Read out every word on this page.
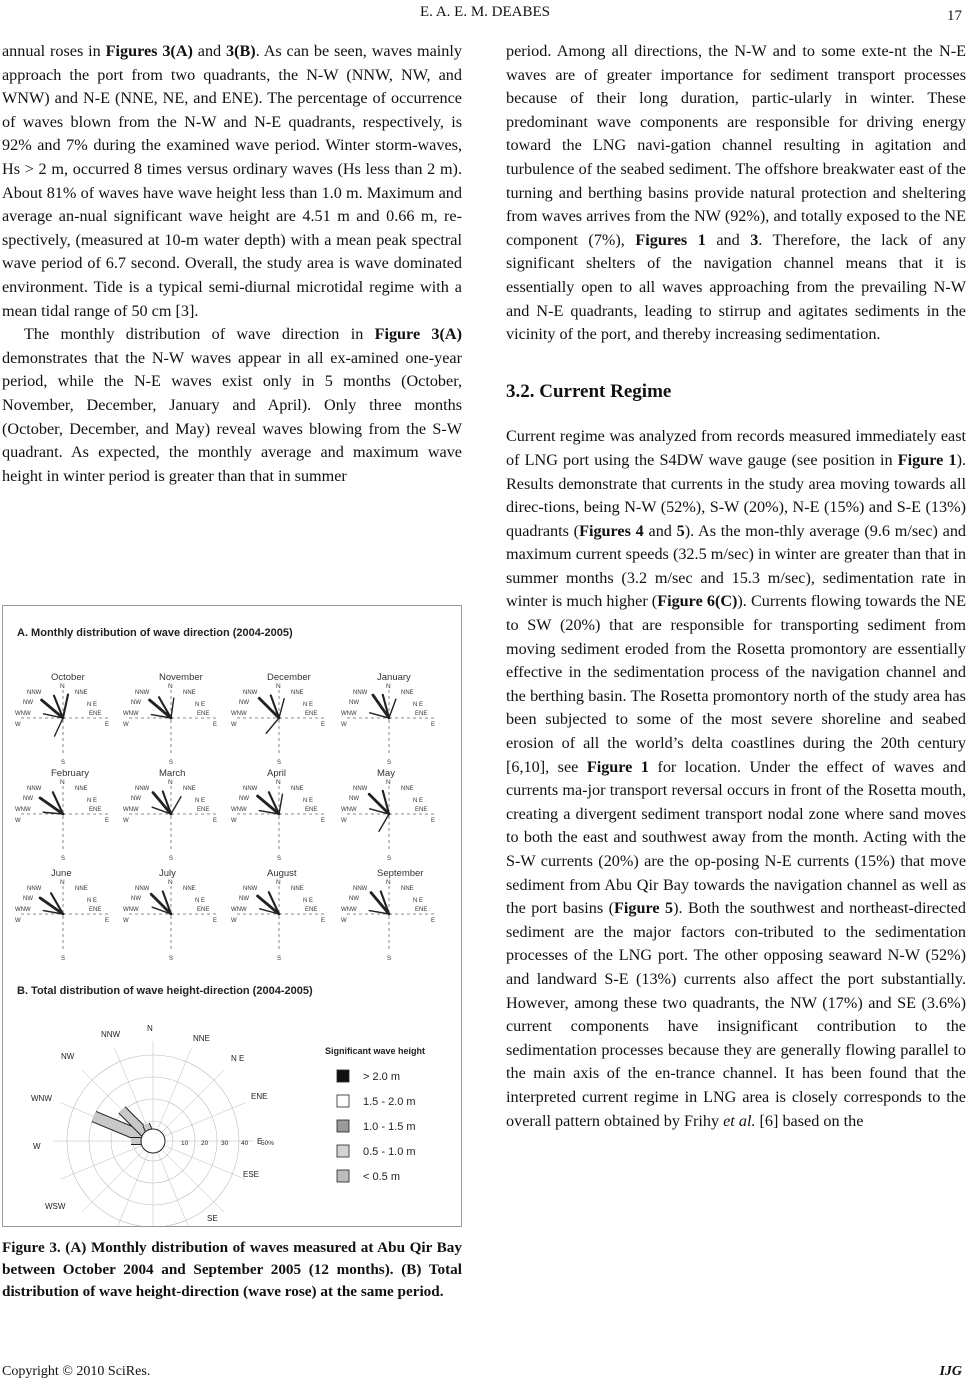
E. A. E. M. DEABES	17

annual roses in Figures 3(A) and 3(B). As can be seen, waves mainly approach the port from two quadrants, the N-W (NNW, NW, and WNW) and N-E (NNE, NE, and ENE). The percentage of occurrence of waves blown from the N-W and N-E quadrants, respectively, is 92% and 7% during the examined wave period. Winter storm-waves, Hs > 2 m, occurred 8 times versus ordinary waves (Hs less than 2 m). About 81% of waves have wave height less than 1.0 m. Maximum and average an-nual significant wave height are 4.51 m and 0.66 m, re-spectively, (measured at 10-m water depth) with a mean peak spectral wave period of 6.7 second. Overall, the study area is wave dominated environment. Tide is a typical semi-diurnal microtidal regime with a mean tidal range of 50 cm [3].

The monthly distribution of wave direction in Figure 3(A) demonstrates that the N-W waves appear in all ex-amined one-year period, while the N-E waves exist only in 5 months (October, November, December, January and April). Only three months (October, December, and May) reveal waves blowing from the S-W quadrant. As expected, the monthly average and maximum wave height in winter period is greater than that in summer

A. Monthly distribution of wave direction (2004-2005)
October
N
NNW	NNE
NW	N E
WNW	ENE
W	E
S
November
N
NNW	NNE
NW	N E
WNW	ENE
W	E
S
December
N
NNW	NNE
NW	N E
WNW	ENE
W	E
S
January
N
NNW	NNE
NW	N E
WNW	ENE
W	E
S
February
N
NNW	NNE
NW	N E
WNW	ENE
W	E
S
March
N
NNW	NNE
NW	N E
WNW	ENE
W	E
S
April
N
NNW	NNE
NW	N E
WNW	ENE
W	E
S
May
N
NNW	NNE
NW	N E
WNW	ENE
W	E
S
June
N
NNW	NNE
NW	N E
WNW	ENE
W	E
S
July
N
NNW	NNE
NW	N E
WNW	ENE
W	E
S
August
N
NNW	NNE
NW	N E
WNW	ENE
W	E
S
September
N
NNW	NNE
NW	N E
WNW	ENE
W	E
S
B. Total distribution of wave height-direction (2004-2005)
N
NNE
N E
ENE
E
ESE
SE
WSW
W
WNW
NW
NNW
10 20 30 40 50%
Significant wave height
> 2.0 m
1.5 - 2.0 m
1.0 - 1.5 m
0.5 - 1.0 m
< 0.5 m
Figure 3. (A) Monthly distribution of waves measured at Abu Qir Bay between October 2004 and September 2005 (12 months). (B) Total distribution of wave height-direction (wave rose) at the same period.

period. Among all directions, the N-W and to some exte-nt the N-E waves are of greater importance for sediment transport processes because of their long duration, partic-ularly in winter. These predominant wave components are responsible for driving energy toward the LNG navi-gation channel resulting in agitation and turbulence of the seabed sediment. The offshore breakwater east of the turning and berthing basins provide natural protection and sheltering from waves arrives from the NW (92%), and totally exposed to the NE component (7%), Figures 1 and 3. Therefore, the lack of any significant shelters of the navigation channel means that it is essentially open to all waves approaching from the prevailing N-W and N-E quadrants, leading to stirrup and agitates sediments in the vicinity of the port, and thereby increasing sedimentation.

3.2. Current Regime

Current regime was analyzed from records measured immediately east of LNG port using the S4DW wave gauge (see position in Figure 1). Results demonstrate that currents in the study area moving towards all direc-tions, being N-W (52%), S-W (20%), N-E (15%) and S-E (13%) quadrants (Figures 4 and 5). As the mon-thly average (9.6 m/sec) and maximum current speeds (32.5 m/sec) in winter are greater than that in summer months (3.2 m/sec and 15.3 m/sec), sedimentation rate in winter is much higher (Figure 6(C)). Currents flowing towards the NE to SW (20%) that are responsible for transporting sediment from moving sediment eroded from the Rosetta promontory are essentially effective in the sedimentation process of the navigation channel and the berthing basin. The Rosetta promontory north of the study area has been subjected to some of the most severe shoreline and seabed erosion of all the world’s delta coastlines during the 20th century [6,10], see Figure 1 for location. Under the effect of waves and currents ma-jor transport reversal occurs in front of the Rosetta mouth, creating a divergent sediment transport nodal zone where sand moves to both the east and southwest away from the month. Acting with the S-W currents (20%) are the op-posing N-E currents (15%) that move sediment from Abu Qir Bay towards the navigation channel as well as the port basins (Figure 5). Both the southwest and northeast-directed sediment are the major factors con-tributed to the sedimentation processes of the LNG port. The other opposing seaward N-W (52%) and landward S-E (13%) currents also affect the port substantially. However, among these two quadrants, the NW (17%) and SE (3.6%) current components have insignificant contribution to the sedimentation processes because they are generally flowing parallel to the main axis of the en-trance channel. It has been found that the interpreted current regime in LNG area is closely corresponds to the overall pattern obtained by Frihy et al. [6] based on the

Copyright © 2010 SciRes.	IJG
